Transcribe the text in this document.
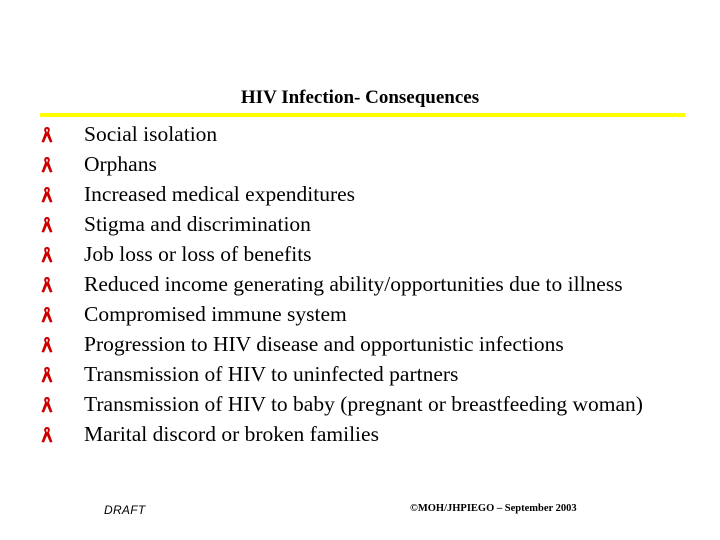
HIV Infection- Consequences
Social isolation
Orphans
Increased medical expenditures
Stigma and discrimination
Job loss or loss of benefits
Reduced income generating ability/opportunities due to illness
Compromised immune system
Progression to HIV disease and opportunistic infections
Transmission of HIV to uninfected partners
Transmission of HIV to baby (pregnant or breastfeeding woman)
Marital discord or broken families
DRAFT	©MOH/JHPIEGO – September 2003
